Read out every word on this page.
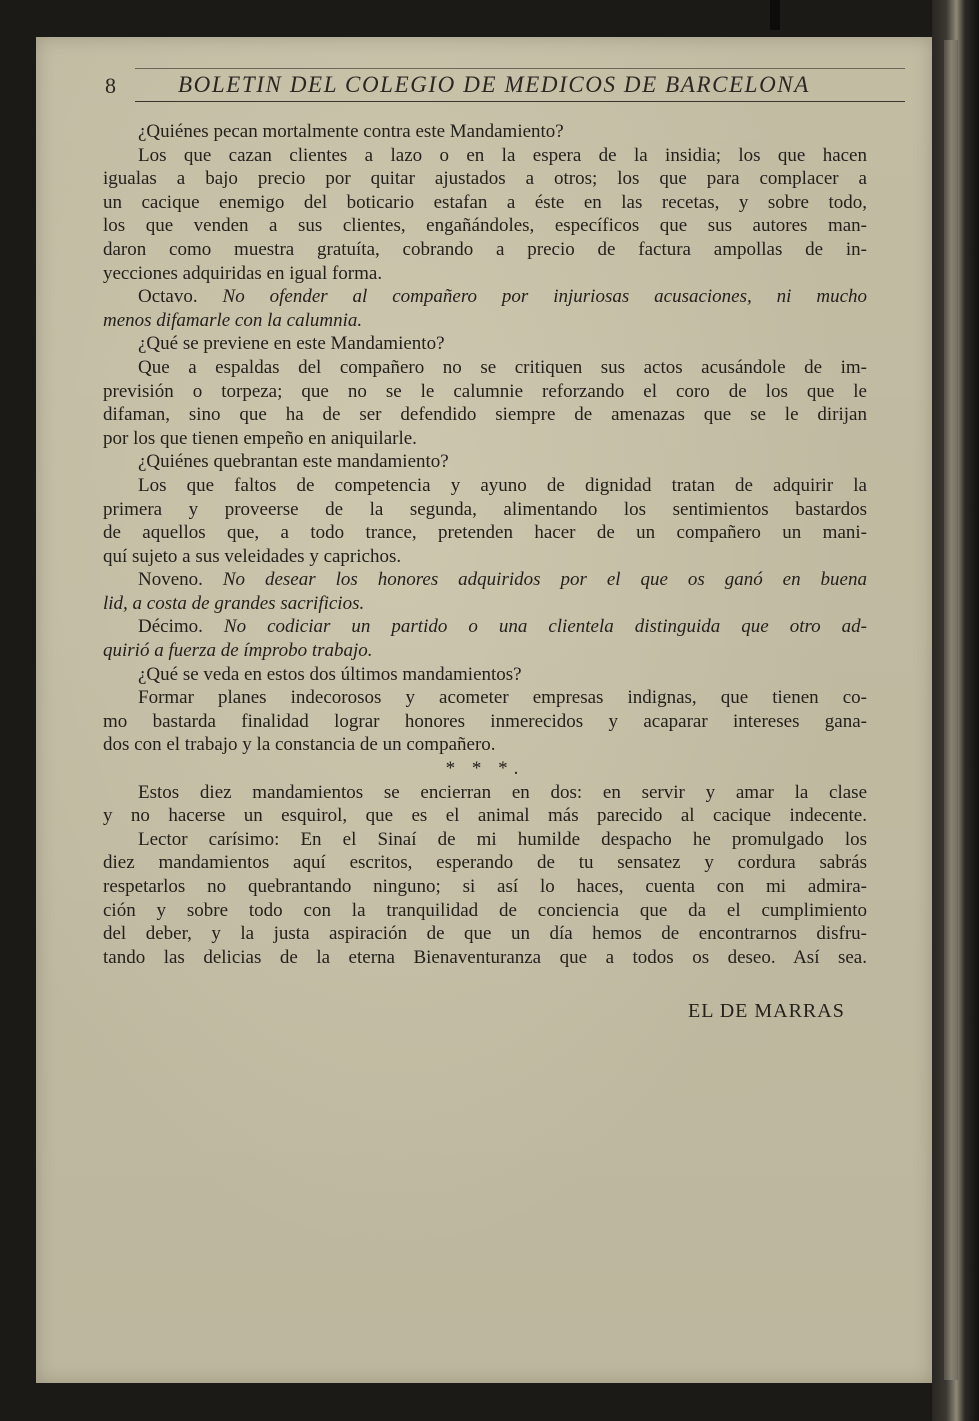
8	BOLETIN DEL COLEGIO DE MEDICOS DE BARCELONA
¿Quiénes pecan mortalmente contra este Mandamiento?
Los que cazan clientes a lazo o en la espera de la insidia; los que hacen
igualas a bajo precio por quitar ajustados a otros; los que para complacer a
un cacique enemigo del boticario estafan a éste en las recetas, y sobre todo,
los que venden a sus clientes, engañándoles, específicos que sus autores man-
daron como muestra gratuíta, cobrando a precio de factura ampollas de in-
yecciones adquiridas en igual forma.
Octavo. No ofender al compañero por injuriosas acusaciones, ni mucho
menos difamarle con la calumnia.
¿Qué se previene en este Mandamiento?
Que a espaldas del compañero no se critiquen sus actos acusándole de im-
previsión o torpeza; que no se le calumnie reforzando el coro de los que le
difaman, sino que ha de ser defendido siempre de amenazas que se le dirijan
por los que tienen empeño en aniquilarle.
¿Quiénes quebrantan este mandamiento?
Los que faltos de competencia y ayuno de dignidad tratan de adquirir la
primera y proveerse de la segunda, alimentando los sentimientos bastardos
de aquellos que, a todo trance, pretenden hacer de un compañero un mani-
quí sujeto a sus veleidades y caprichos.
Noveno. No desear los honores adquiridos por el que os ganó en buena
lid, a costa de grandes sacrificios.
Décimo. No codiciar un partido o una clientela distinguida que otro ad-
quirió a fuerza de ímprobo trabajo.
¿Qué se veda en estos dos últimos mandamientos?
Formar planes indecorosos y acometer empresas indignas, que tienen co-
mo bastarda finalidad lograr honores inmerecidos y acaparar intereses gana-
dos con el trabajo y la constancia de un compañero.
* * *.
Estos diez mandamientos se encierran en dos: en servir y amar la clase
y no hacerse un esquirol, que es el animal más parecido al cacique indecente.
Lector carísimo: En el Sinaí de mi humilde despacho he promulgado los
diez mandamientos aquí escritos, esperando de tu sensatez y cordura sabrás
respetarlos no quebrantando ninguno; si así lo haces, cuenta con mi admira-
ción y sobre todo con la tranquilidad de conciencia que da el cumplimiento
del deber, y la justa aspiración de que un día hemos de encontrarnos disfru-
tando las delicias de la eterna Bienaventuranza que a todos os deseo. Así sea.
EL DE MARRAS
